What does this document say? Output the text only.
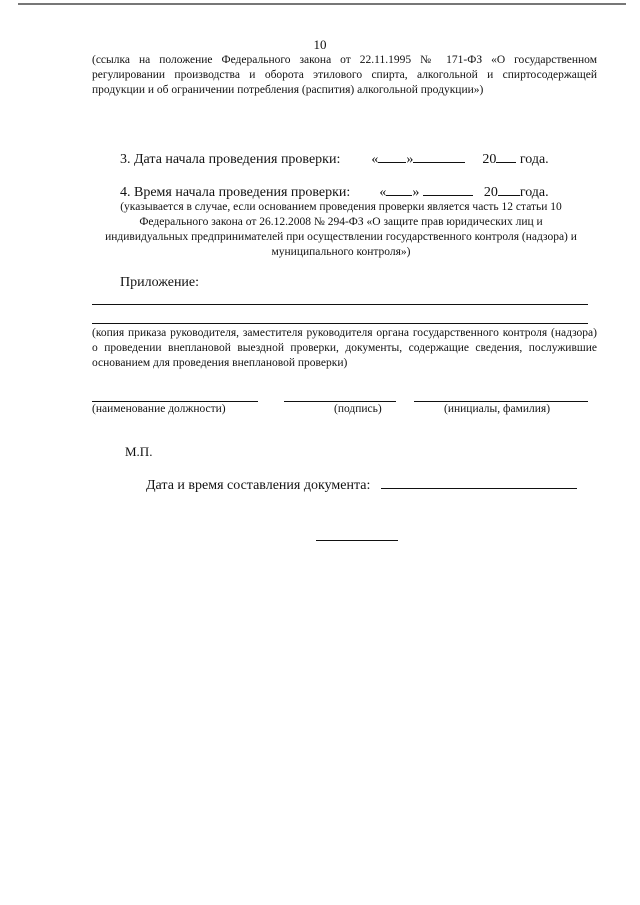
10
(ссылка на положение Федерального закона от 22.11.1995 № 171-ФЗ «О государственном регулировании производства и оборота этилового спирта, алкогольной и спиртосодержащей продукции и об ограничении потребления (распития) алкогольной продукции»)
3. Дата начала проведения проверки: « »	20 года.
4. Время начала проведения проверки: « »	20 года.
(указывается в случае, если основанием проведения проверки является часть 12 статьи 10 Федерального закона от 26.12.2008 № 294-ФЗ «О защите прав юридических лиц и индивидуальных предпринимателей при осуществлении государственного контроля (надзора) и муниципального контроля»)
Приложение:
(копия приказа руководителя, заместителя руководителя органа государственного контроля (надзора) о проведении внеплановой выездной проверки, документы, содержащие сведения, послужившие основанием для проведения внеплановой проверки)
(наименование должности)	(подпись)	(инициалы, фамилия)
М.П.
Дата и время составления документа:
